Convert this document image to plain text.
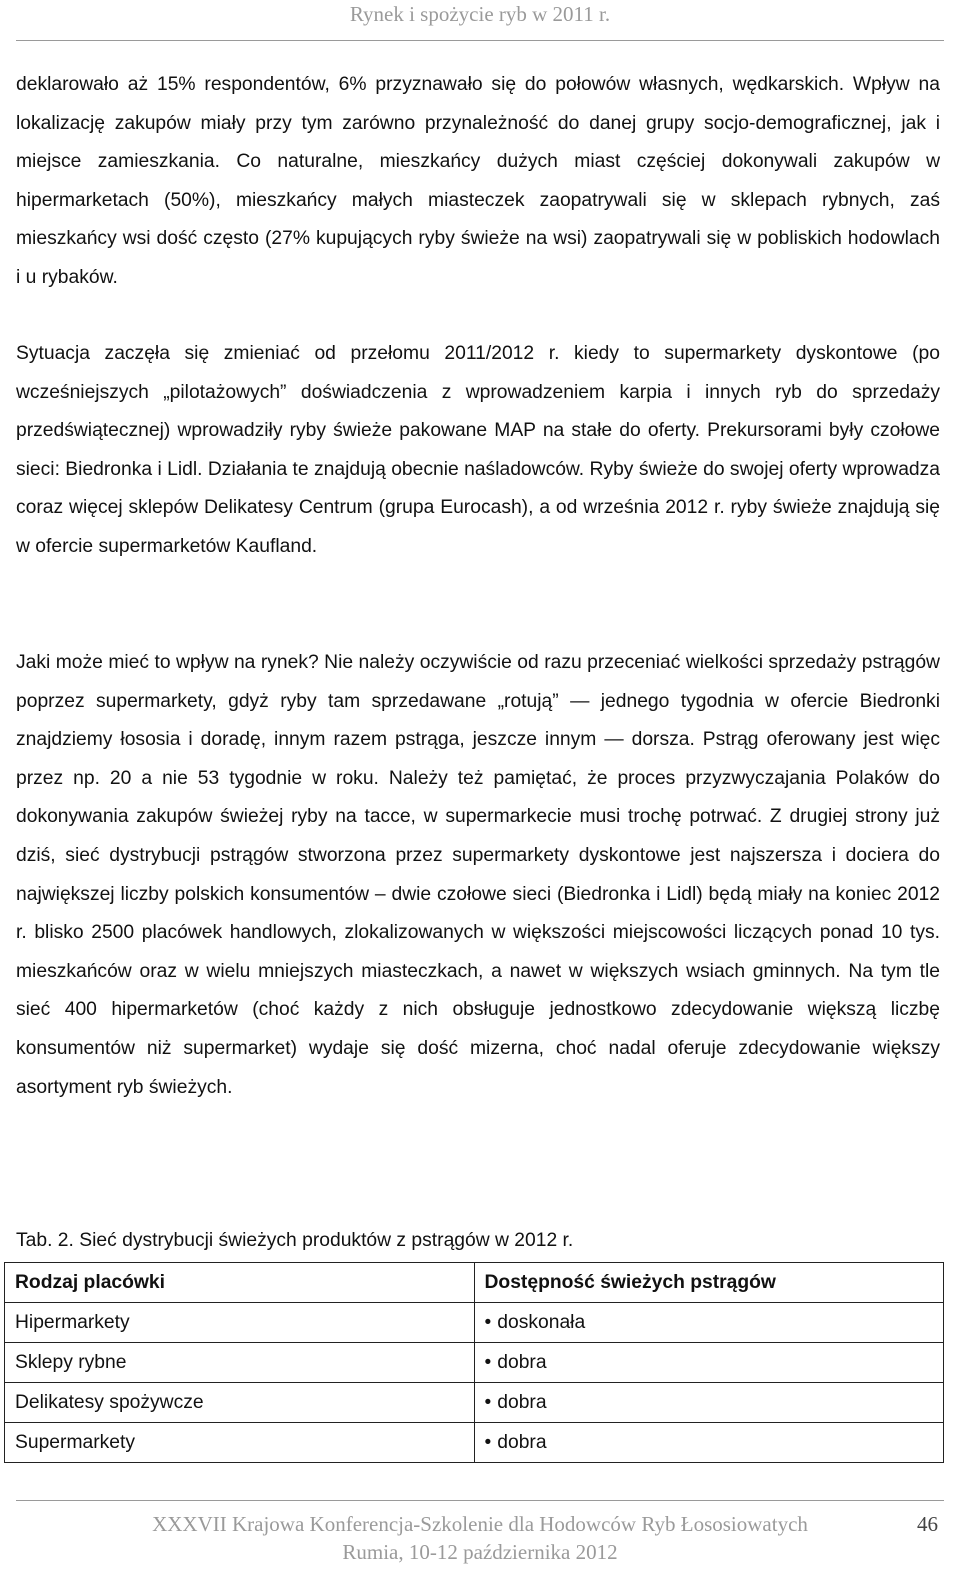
Rynek i spożycie ryb w 2011 r.

deklarowało aż 15% respondentów, 6% przyznawało się do połowów własnych, wędkarskich. Wpływ na lokalizację zakupów miały przy tym zarówno przynależność do danej grupy socjo-demograficznej, jak i miejsce zamieszkania. Co naturalne, mieszkańcy dużych miast częściej dokonywali zakupów w hipermarketach (50%), mieszkańcy małych miasteczek zaopatrywali się w sklepach rybnych, zaś mieszkańcy wsi dość często (27% kupujących ryby świeże na wsi) zaopatrywali się w pobliskich hodowlach i u rybaków.

Sytuacja zaczęła się zmieniać od przełomu 2011/2012 r. kiedy to supermarkety dyskontowe (po wcześniejszych „pilotażowych” doświadczenia z wprowadzeniem karpia i innych ryb do sprzedaży przedświątecznej) wprowadziły ryby świeże pakowane MAP na stałe do oferty. Prekursorami były czołowe sieci: Biedronka i Lidl. Działania te znajdują obecnie naśladowców. Ryby świeże do swojej oferty wprowadza coraz więcej sklepów Delikatesy Centrum (grupa Eurocash), a od września 2012 r. ryby świeże znajdują się w ofercie supermarketów Kaufland.

Jaki może mieć to wpływ na rynek? Nie należy oczywiście od razu przeceniać wielkości sprzedaży pstrągów poprzez supermarkety, gdyż ryby tam sprzedawane „rotują” — jednego tygodnia w ofercie Biedronki znajdziemy łososia i doradę, innym razem pstrąga, jeszcze innym — dorsza. Pstrąg oferowany jest więc przez np. 20 a nie 53 tygodnie w roku. Należy też pamiętać, że proces przyzwyczajania Polaków do dokonywania zakupów świeżej ryby na tacce, w supermarkecie musi trochę potrwać. Z drugiej strony już dziś, sieć dystrybucji pstrągów stworzona przez supermarkety dyskontowe jest najszersza i dociera do największej liczby polskich konsumentów – dwie czołowe sieci (Biedronka i Lidl) będą miały na koniec 2012 r. blisko 2500 placówek handlowych, zlokalizowanych w większości miejscowości liczących ponad 10 tys. mieszkańców oraz w wielu mniejszych miasteczkach, a nawet w większych wsiach gminnych. Na tym tle sieć 400 hipermarketów (choć każdy z nich obsługuje jednostkowo zdecydowanie większą liczbę konsumentów niż supermarket) wydaje się dość mizerna, choć nadal oferuje zdecydowanie większy asortyment ryb świeżych.

Tab. 2. Sieć dystrybucji świeżych produktów z pstrągów w 2012 r.
Rodzaj placówki	Dostępność świeżych pstrągów
Hipermarkety	• doskonała
Sklepy rybne	• dobra
Delikatesy spożywcze	• dobra
Supermarkety	• dobra
XXXVII Krajowa Konferencja-Szkolenie dla Hodowców Ryb Łososiowatych
Rumia, 10-12 października 2012
46
